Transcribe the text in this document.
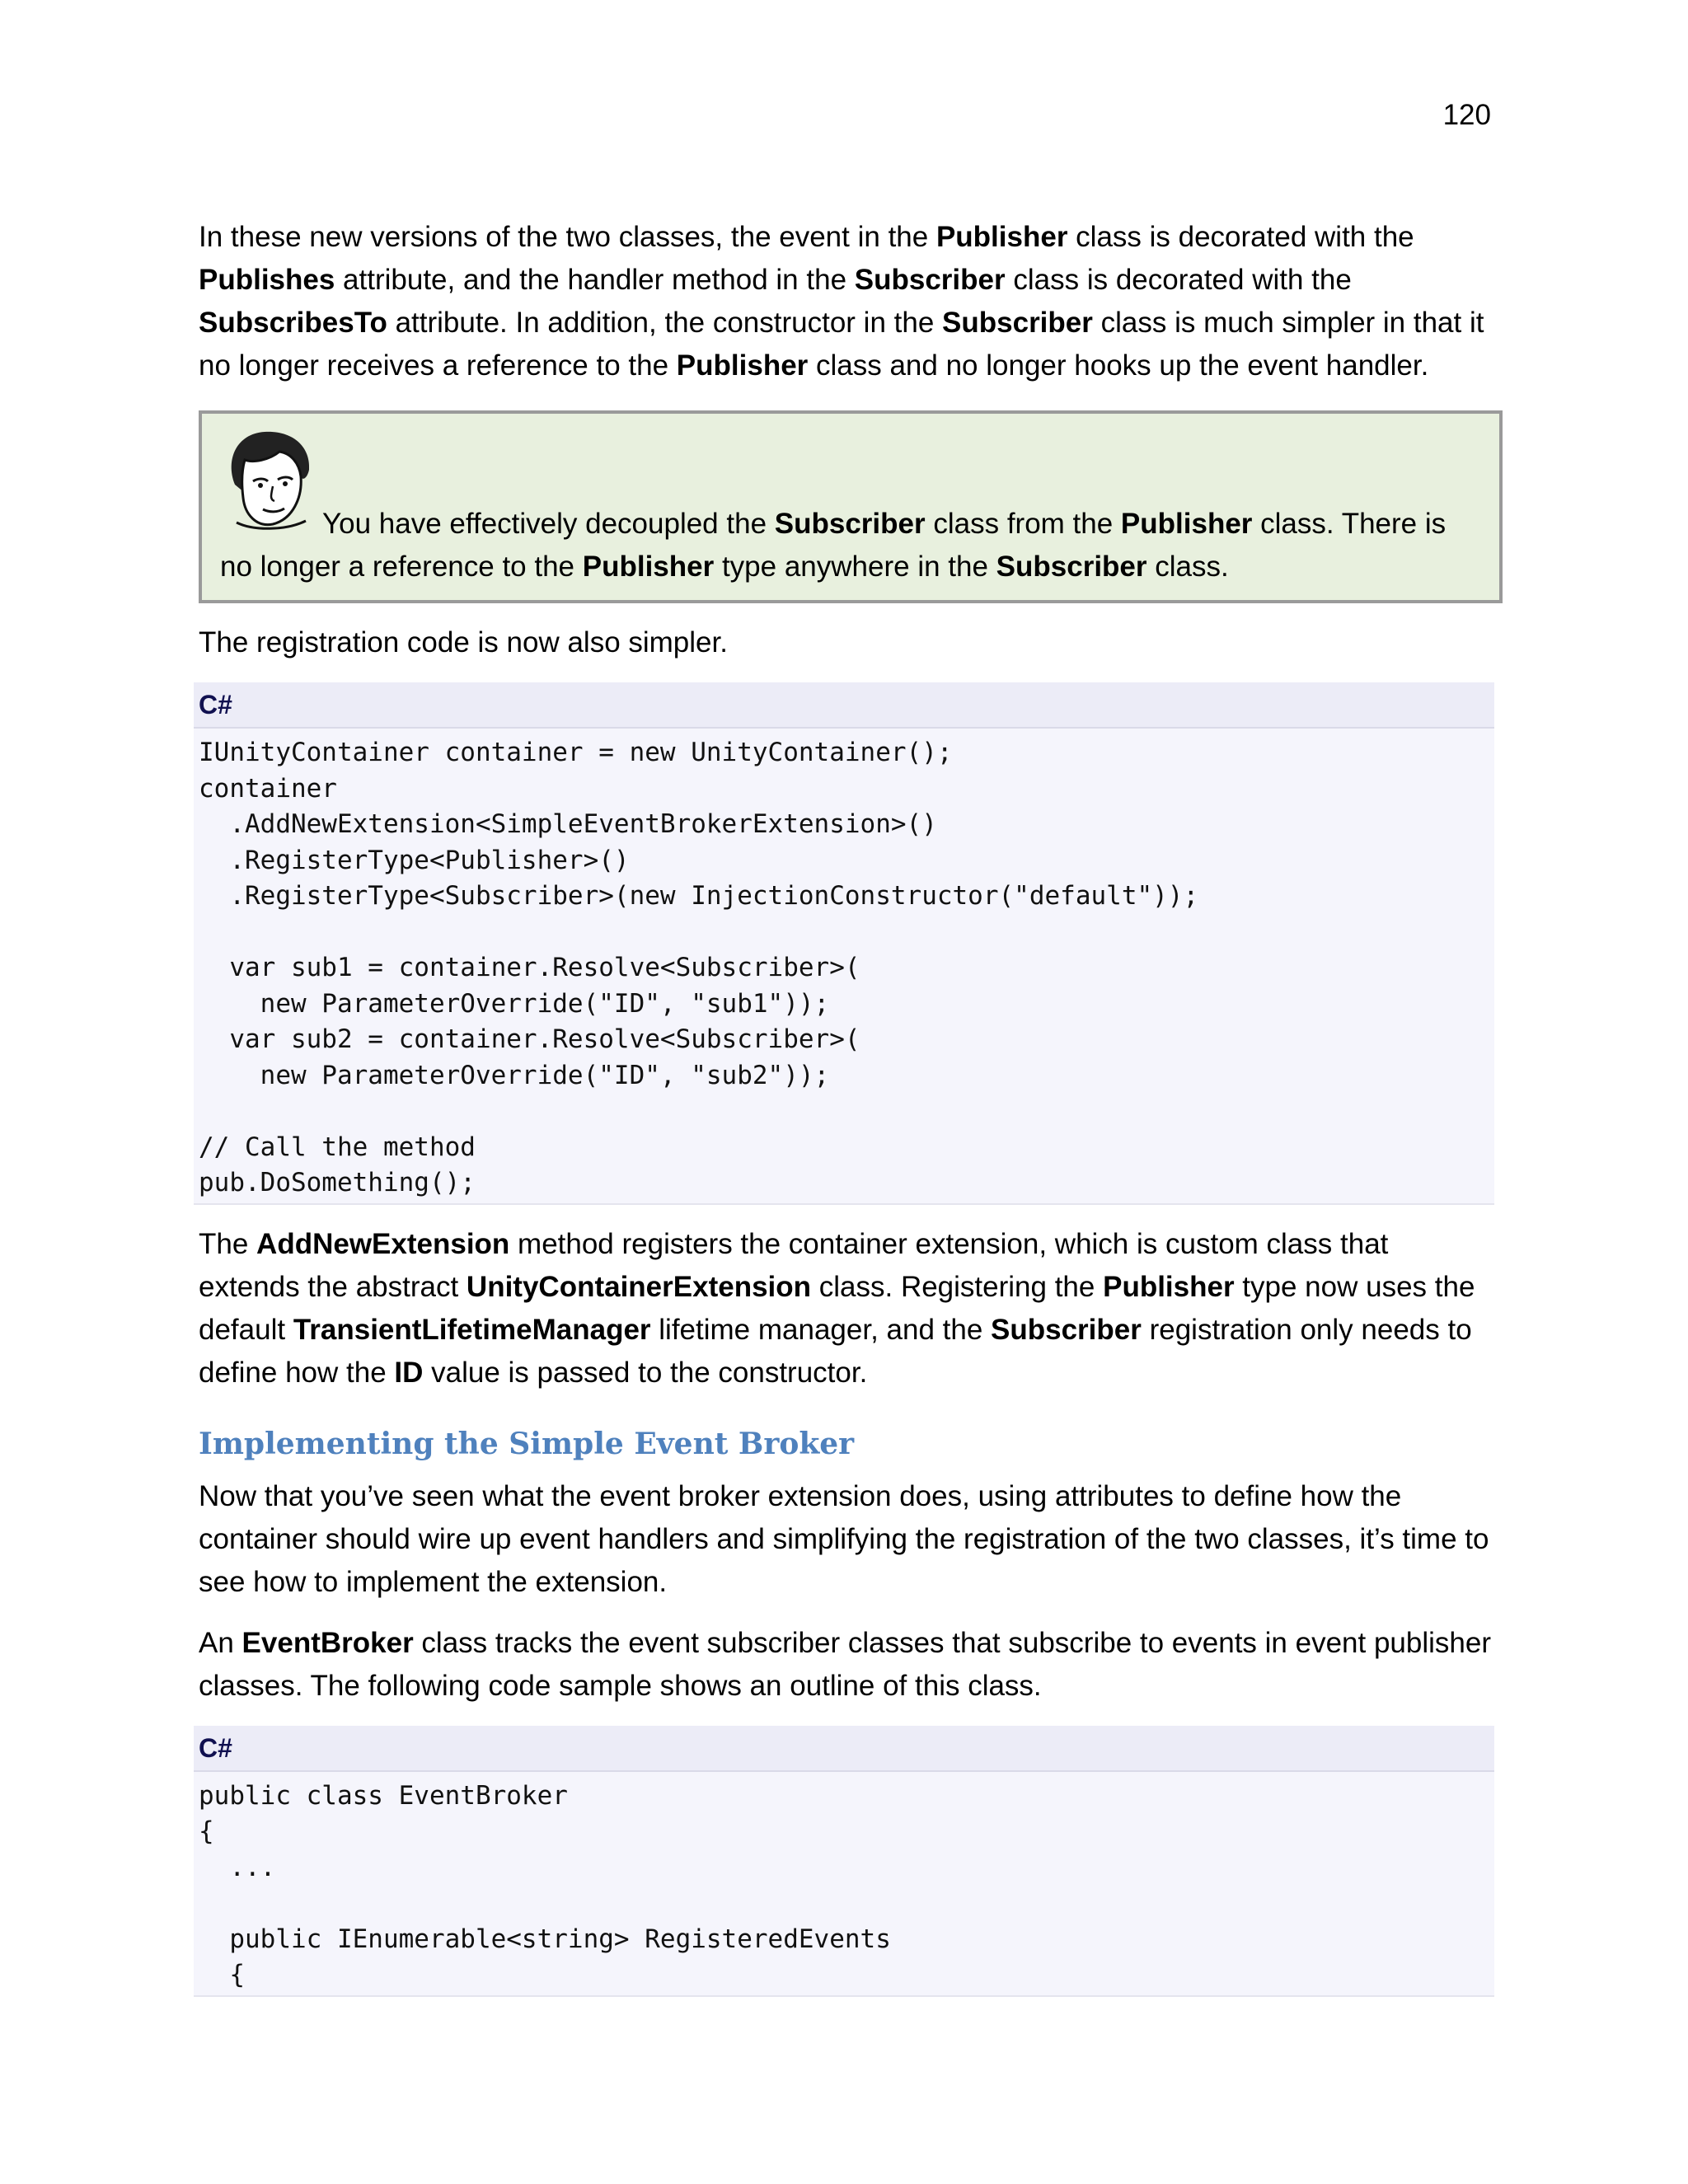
120

In these new versions of the two classes, the event in the Publisher class is decorated with the Publishes attribute, and the handler method in the Subscriber class is decorated with the SubscribesTo attribute. In addition, the constructor in the Subscriber class is much simpler in that it no longer receives a reference to the Publisher class and no longer hooks up the event handler.

You have effectively decoupled the Subscriber class from the Publisher class. There is no longer a reference to the Publisher type anywhere in the Subscriber class.

The registration code is now also simpler.

C#
IUnityContainer container = new UnityContainer();
container
.AddNewExtension<SimpleEventBrokerExtension>()
.RegisterType<Publisher>()
.RegisterType<Subscriber>(new InjectionConstructor("default"));

var sub1 = container.Resolve<Subscriber>(
new ParameterOverride("ID", "sub1"));
var sub2 = container.Resolve<Subscriber>(
new ParameterOverride("ID", "sub2"));

// Call the method
pub.DoSomething();

The AddNewExtension method registers the container extension, which is custom class that extends the abstract UnityContainerExtension class. Registering the Publisher type now uses the default TransientLifetimeManager lifetime manager, and the Subscriber registration only needs to define how the ID value is passed to the constructor.

Implementing the Simple Event Broker

Now that you’ve seen what the event broker extension does, using attributes to define how the container should wire up event handlers and simplifying the registration of the two classes, it’s time to see how to implement the extension.

An EventBroker class tracks the event subscriber classes that subscribe to events in event publisher classes. The following code sample shows an outline of this class.

C#
public class EventBroker
{
...

public IEnumerable<string> RegisteredEvents
{
